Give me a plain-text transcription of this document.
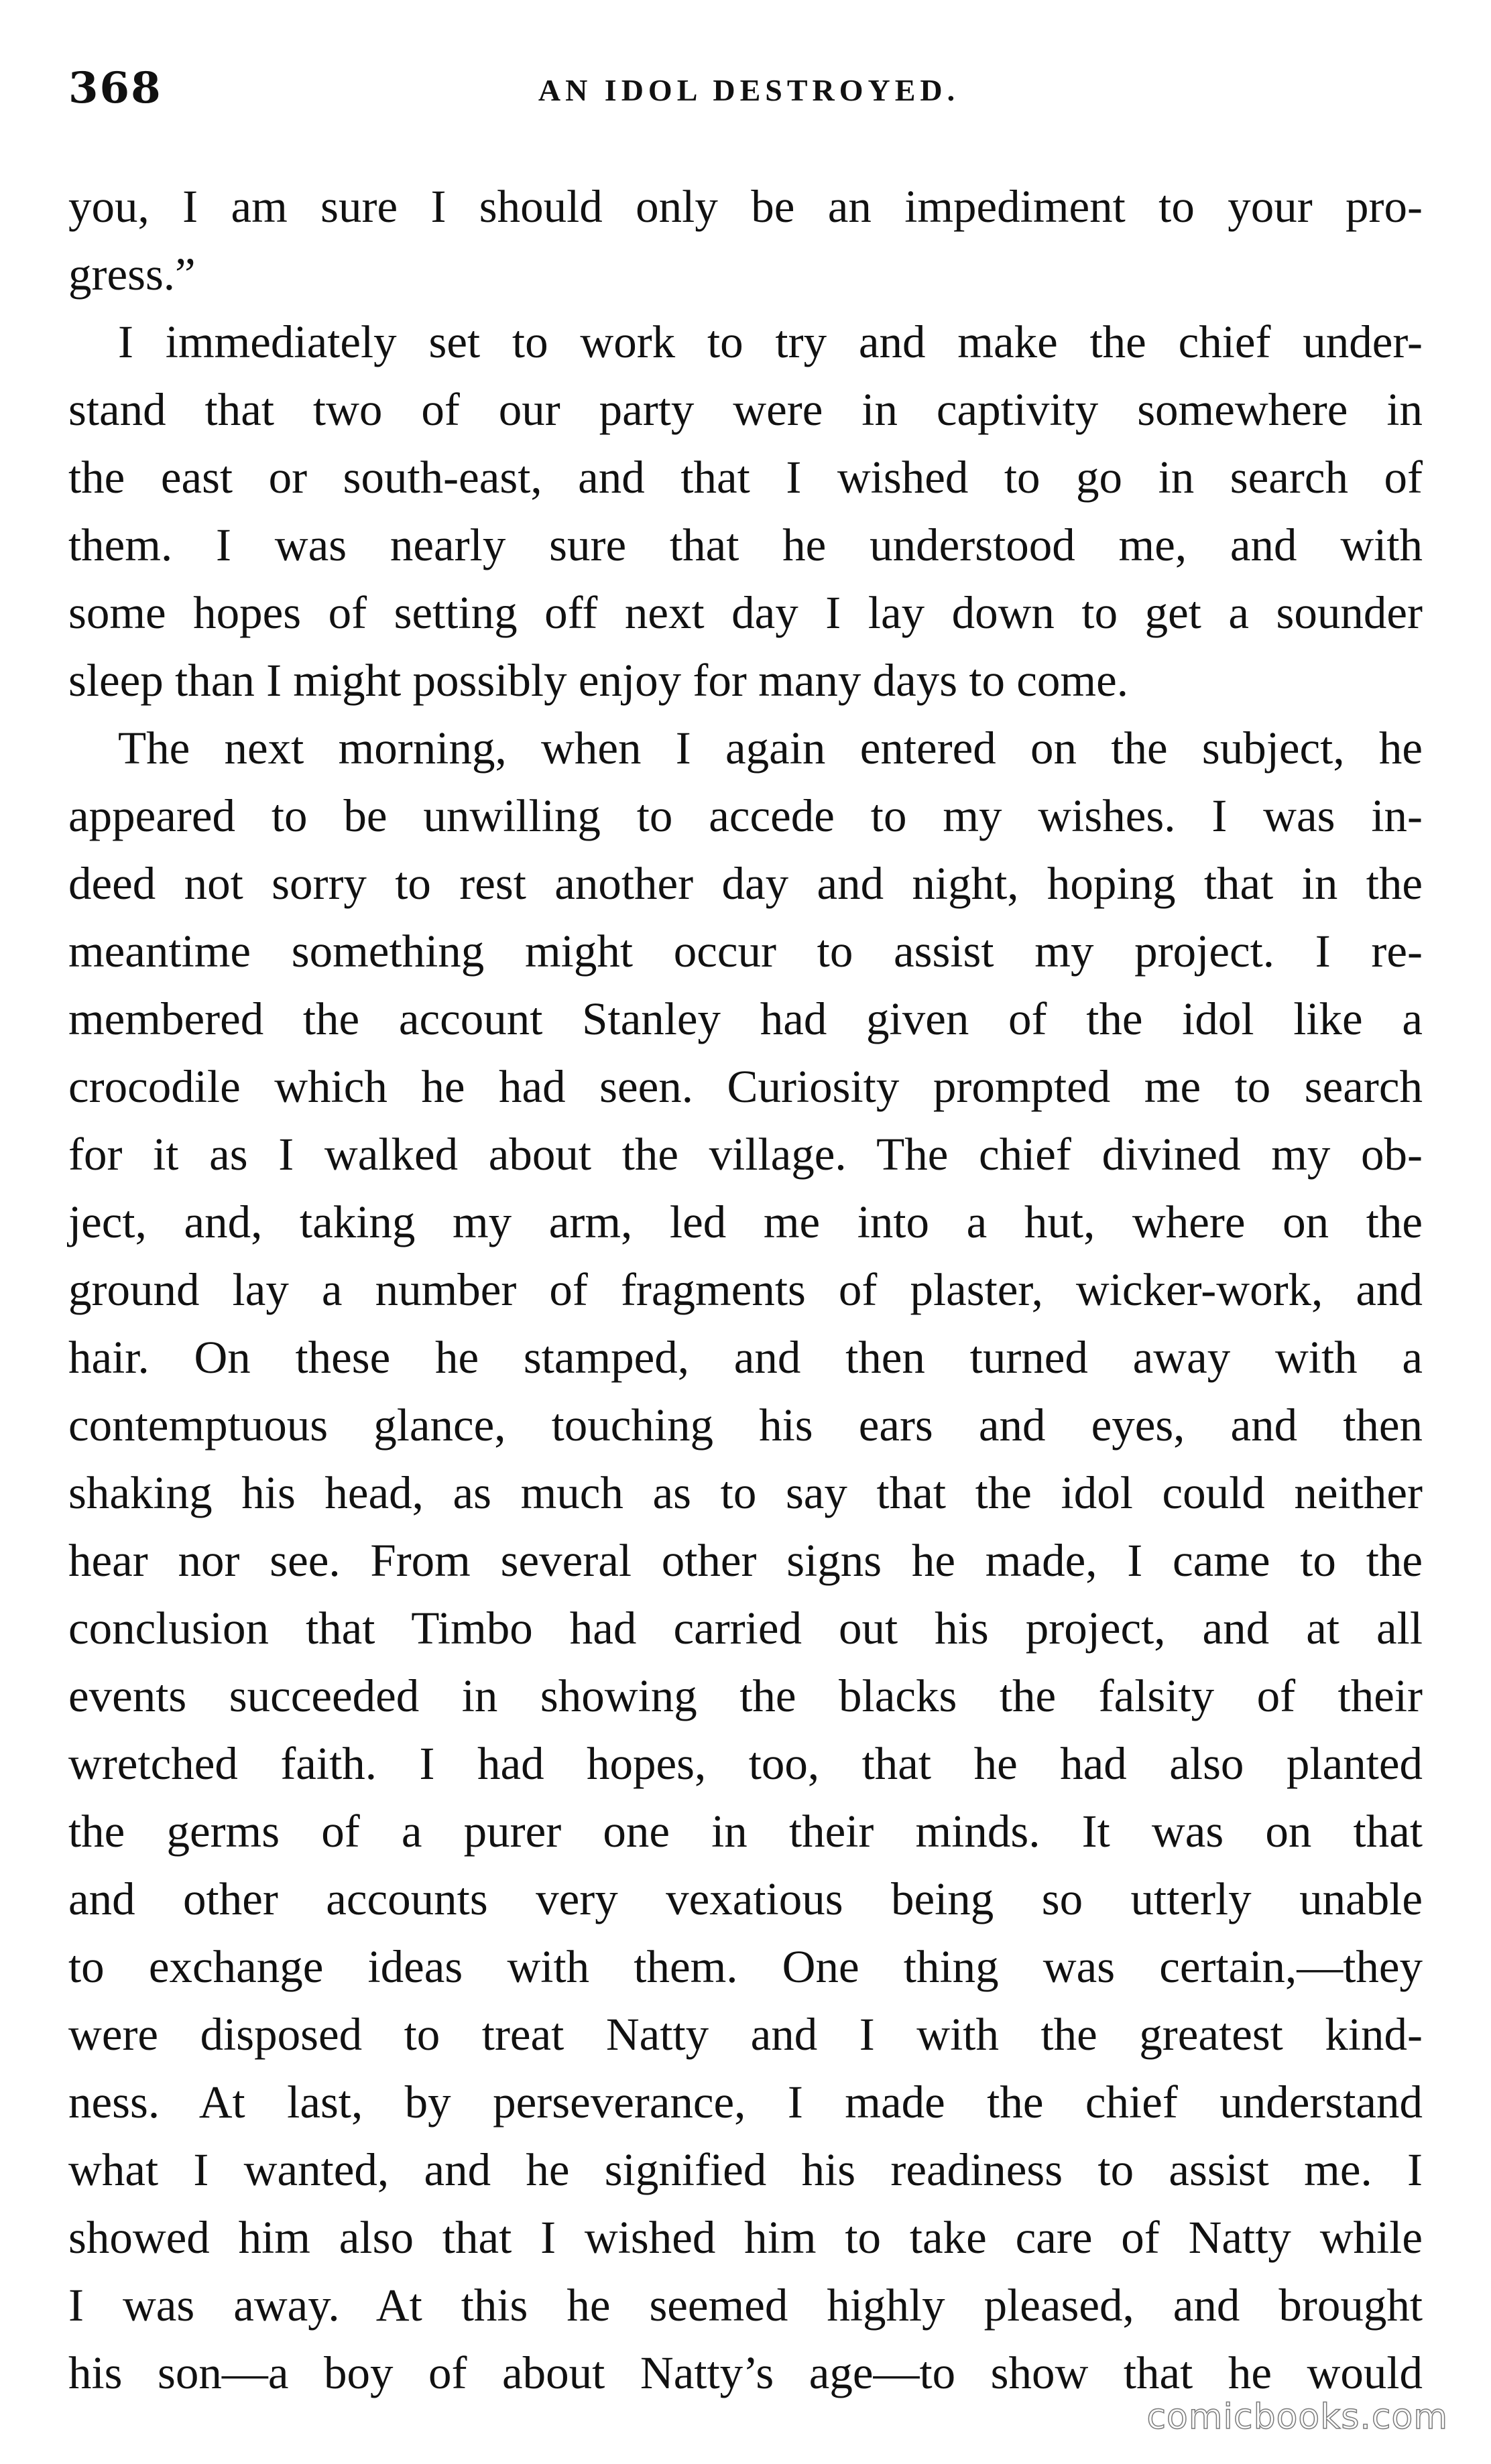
368	AN IDOL DESTROYED.
you, I am sure I should only be an impediment to your pro-
gress.”
I immediately set to work to try and make the chief under-
stand that two of our party were in captivity somewhere in
the east or south-east, and that I wished to go in search of
them. I was nearly sure that he understood me, and with
some hopes of setting off next day I lay down to get a sounder
sleep than I might possibly enjoy for many days to come.
The next morning, when I again entered on the subject, he
appeared to be unwilling to accede to my wishes. I was in-
deed not sorry to rest another day and night, hoping that in the
meantime something might occur to assist my project. I re-
membered the account Stanley had given of the idol like a
crocodile which he had seen. Curiosity prompted me to search
for it as I walked about the village. The chief divined my ob-
ject, and, taking my arm, led me into a hut, where on the
ground lay a number of fragments of plaster, wicker-work, and
hair. On these he stamped, and then turned away with a
contemptuous glance, touching his ears and eyes, and then
shaking his head, as much as to say that the idol could neither
hear nor see. From several other signs he made, I came to the
conclusion that Timbo had carried out his project, and at all
events succeeded in showing the blacks the falsity of their
wretched faith. I had hopes, too, that he had also planted
the germs of a purer one in their minds. It was on that
and other accounts very vexatious being so utterly unable
to exchange ideas with them. One thing was certain,—they
were disposed to treat Natty and I with the greatest kind-
ness. At last, by perseverance, I made the chief understand
what I wanted, and he signified his readiness to assist me. I
showed him also that I wished him to take care of Natty while
I was away. At this he seemed highly pleased, and brought
his son—a boy of about Natty’s age—to show that he would
comicbooks.com
